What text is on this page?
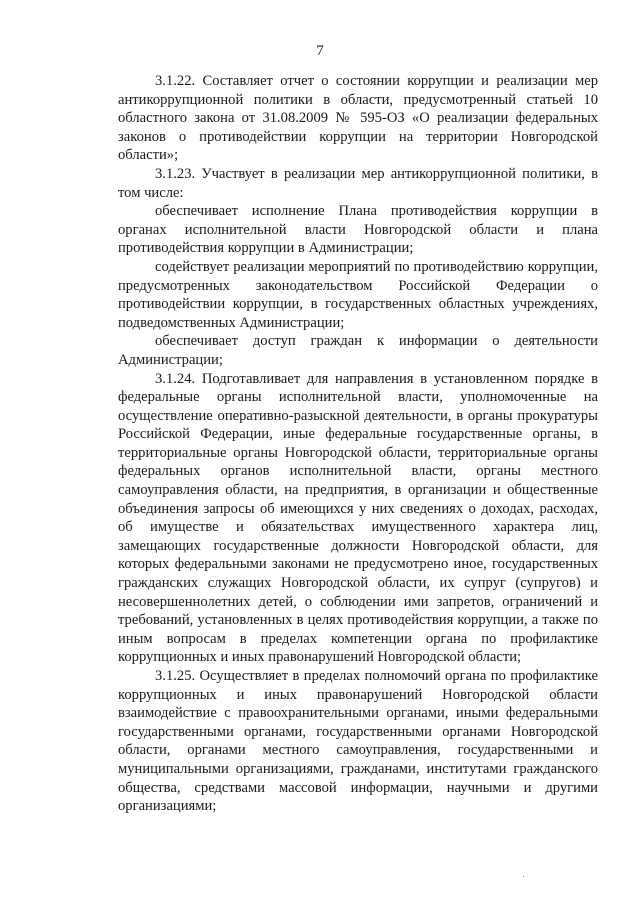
7

3.1.22. Составляет отчет о состоянии коррупции и реализации мер антикоррупционной политики в области, предусмотренный статьей 10 областного закона от 31.08.2009 № 595-ОЗ «О реализации федеральных законов о противодействии коррупции на территории Новгородской области»;

3.1.23. Участвует в реализации мер антикоррупционной политики, в том числе:

обеспечивает исполнение Плана противодействия коррупции в органах исполнительной власти Новгородской области и плана противодействия коррупции в Администрации;

содействует реализации мероприятий по противодействию коррупции, предусмотренных законодательством Российской Федерации о противодействии коррупции, в государственных областных учреждениях, подведомственных Администрации;

обеспечивает доступ граждан к информации о деятельности Администрации;

3.1.24. Подготавливает для направления в установленном порядке в федеральные органы исполнительной власти, уполномоченные на осуществление оперативно-разыскной деятельности, в органы прокуратуры Российской Федерации, иные федеральные государственные органы, в территориальные органы Новгородской области, территориальные органы федеральных органов исполнительной власти, органы местного самоуправления области, на предприятия, в организации и общественные объединения запросы об имеющихся у них сведениях о доходах, расходах, об имуществе и обязательствах имущественного характера лиц, замещающих государственные должности Новгородской области, для которых федеральными законами не предусмотрено иное, государственных гражданских служащих Новгородской области, их супруг (супругов) и несовершеннолетних детей, о соблюдении ими запретов, ограничений и требований, установленных в целях противодействия коррупции, а также по иным вопросам в пределах компетенции органа по профилактике коррупционных и иных правонарушений Новгородской области;

3.1.25. Осуществляет в пределах полномочий органа по профилактике коррупционных и иных правонарушений Новгородской области взаимодействие с правоохранительными органами, иными федеральными государственными органами, государственными органами Новгородской области, органами местного самоуправления, государственными и муниципальными организациями, гражданами, институтами гражданского общества, средствами массовой информации, научными и другими организациями;
